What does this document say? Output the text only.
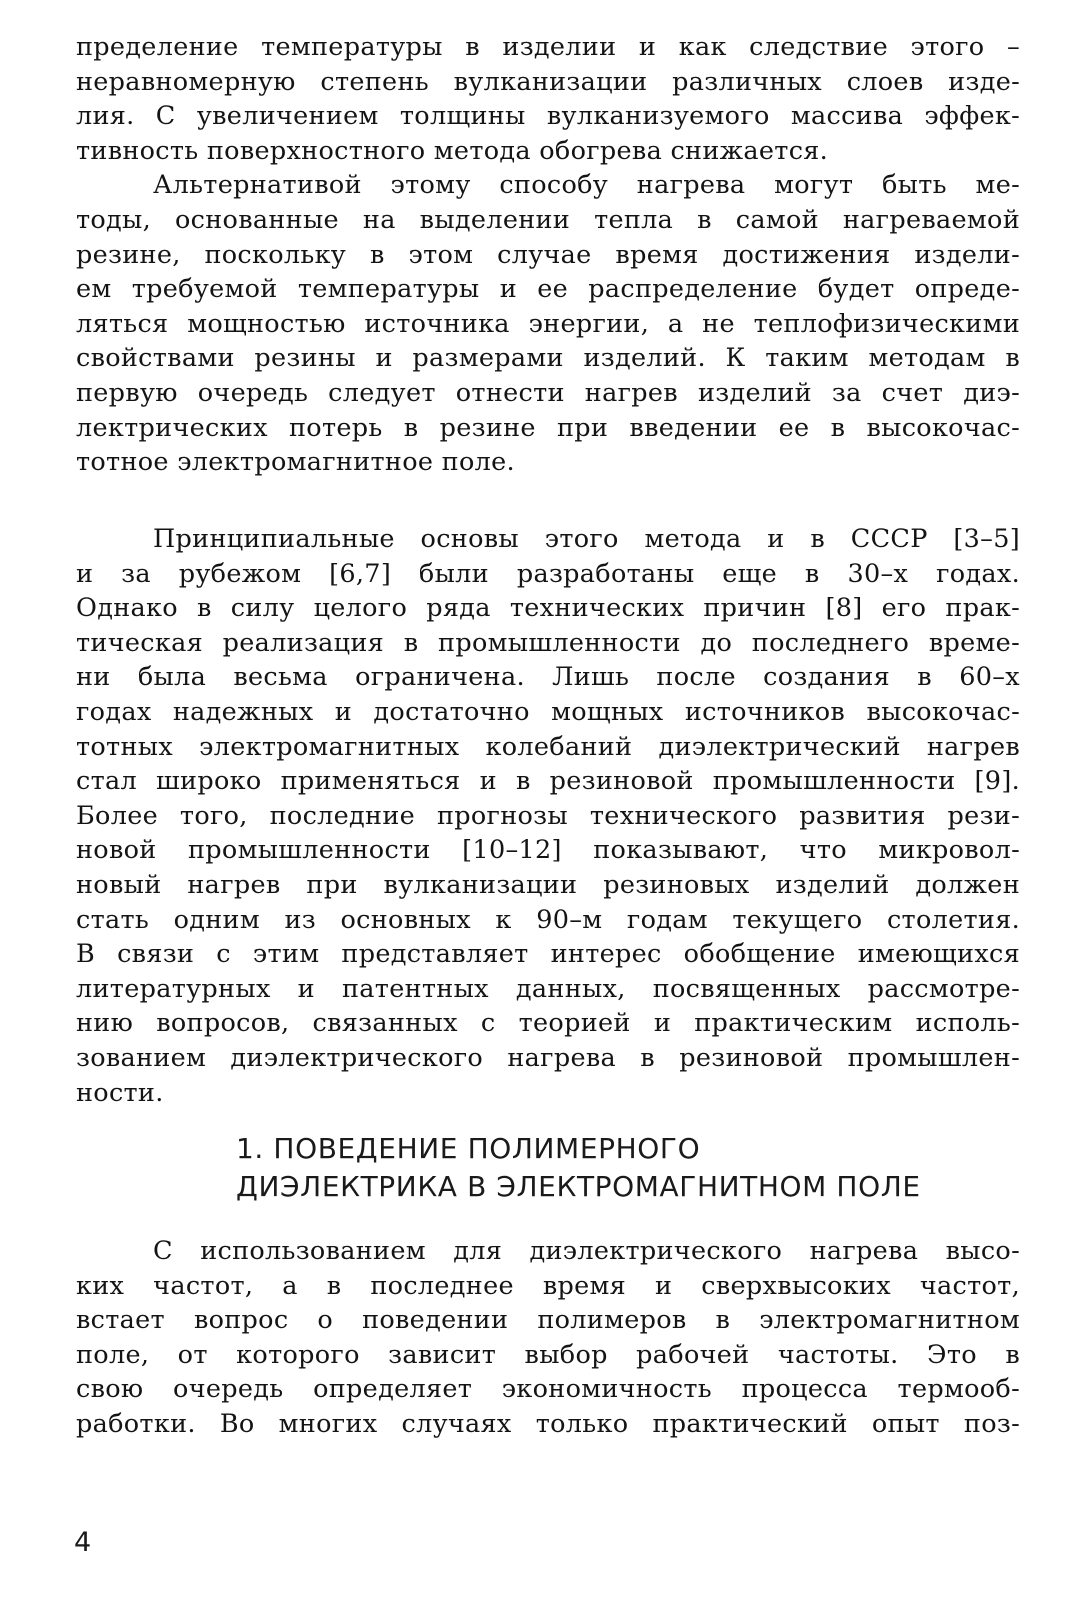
пределение температуры в изделии и как следствие этого –
неравномерную степень вулканизации различных слоев изде-
лия. С увеличением толщины вулканизуемого массива эффек-
тивность поверхностного метода обогрева снижается.
Альтернативой этому способу нагрева могут быть ме-
тоды, основанные на выделении тепла в самой нагреваемой
резине, поскольку в этом случае время достижения издели-
ем требуемой температуры и ее распределение будет опреде-
ляться мощностью источника энергии, а не теплофизическими
свойствами резины и размерами изделий. К таким методам в
первую очередь следует отнести нагрев изделий за счет диэ-
лектрических потерь в резине при введении ее в высокочас-
тотное электромагнитное поле.
Принципиальные основы этого метода и в СССР [3–5]
и за рубежом [6,7] были разработаны еще в 30–х годах.
Однако в силу целого ряда технических причин [8] его прак-
тическая реализация в промышленности до последнего време-
ни была весьма ограничена. Лишь после создания в 60–х
годах надежных и достаточно мощных источников высокочас-
тотных электромагнитных колебаний диэлектрический нагрев
стал широко применяться и в резиновой промышленности [9].
Более того, последние прогнозы технического развития рези-
новой промышленности [10–12] показывают, что микровол-
новый нагрев при вулканизации резиновых изделий должен
стать одним из основных к 90–м годам текущего столетия.
В связи с этим представляет интерес обобщение имеющихся
литературных и патентных данных, посвященных рассмотре-
нию вопросов, связанных с теорией и практическим исполь-
зованием диэлектрического нагрева в резиновой промышлен-
ности.
1. ПОВЕДЕНИЕ ПОЛИМЕРНОГО
ДИЭЛЕКТРИКА В ЭЛЕКТРОМАГНИТНОМ ПОЛЕ
С использованием для диэлектрического нагрева высо-
ких частот, а в последнее время и сверхвысоких частот,
встает вопрос о поведении полимеров в электромагнитном
поле, от которого зависит выбор рабочей частоты. Это в
свою очередь определяет экономичность процесса термооб-
работки. Во многих случаях только практический опыт поз-
4
